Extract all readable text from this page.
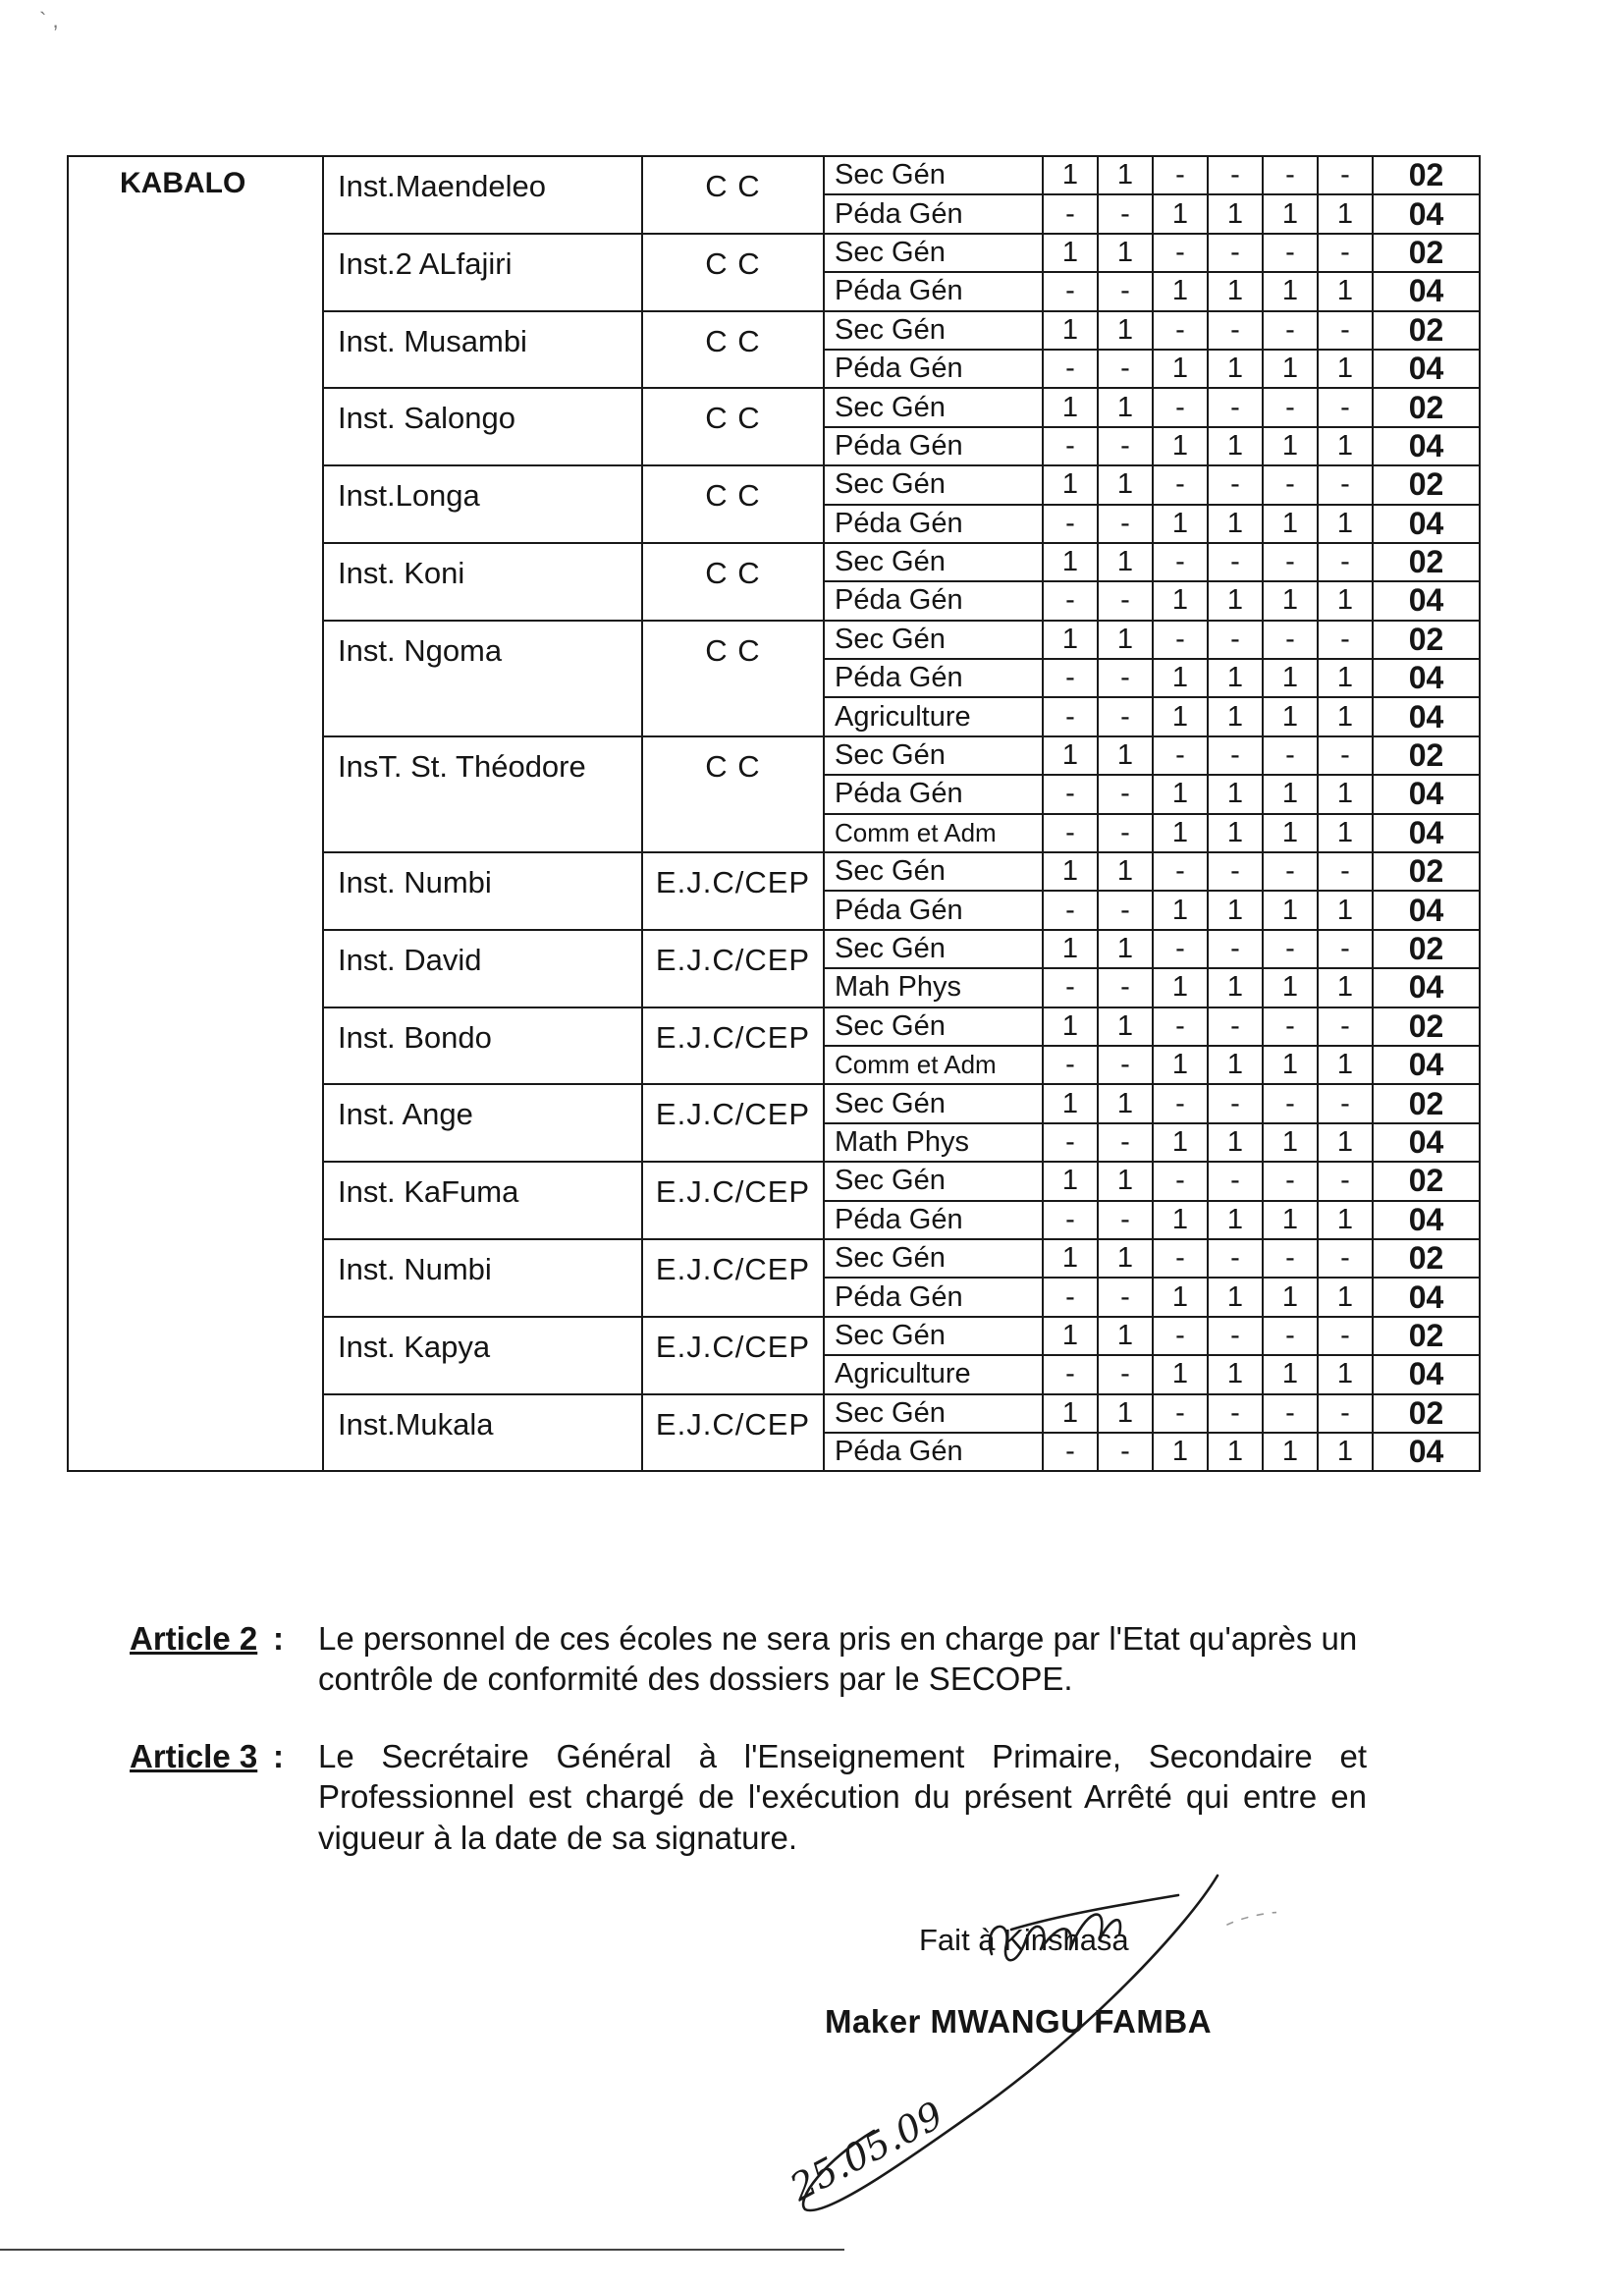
` ,
KABALO	Inst.Maendeleo	C C	Sec Gén	1	1	-	-	-	-	02
			Péda Gén	-	-	1	1	1	1	04
	Inst.2 ALfajiri	C C	Sec Gén	1	1	-	-	-	-	02
			Péda Gén	-	-	1	1	1	1	04
	Inst. Musambi	C C	Sec Gén	1	1	-	-	-	-	02
			Péda Gén	-	-	1	1	1	1	04
	Inst. Salongo	C C	Sec Gén	1	1	-	-	-	-	02
			Péda Gén	-	-	1	1	1	1	04
	Inst.Longa	C C	Sec Gén	1	1	-	-	-	-	02
			Péda Gén	-	-	1	1	1	1	04
	Inst. Koni	C C	Sec Gén	1	1	-	-	-	-	02
			Péda Gén	-	-	1	1	1	1	04
	Inst. Ngoma	C C	Sec Gén	1	1	-	-	-	-	02
			Péda Gén	-	-	1	1	1	1	04
			Agriculture	-	-	1	1	1	1	04
	InsT. St. Théodore	C C	Sec Gén	1	1	-	-	-	-	02
			Péda Gén	-	-	1	1	1	1	04
			Comm et Adm	-	-	1	1	1	1	04
	Inst. Numbi	E.J.C/CEP	Sec Gén	1	1	-	-	-	-	02
			Péda Gén	-	-	1	1	1	1	04
	Inst. David	E.J.C/CEP	Sec Gén	1	1	-	-	-	-	02
			Mah Phys	-	-	1	1	1	1	04
	Inst. Bondo	E.J.C/CEP	Sec Gén	1	1	-	-	-	-	02
			Comm et Adm	-	-	1	1	1	1	04
	Inst. Ange	E.J.C/CEP	Sec Gén	1	1	-	-	-	-	02
			Math Phys	-	-	1	1	1	1	04
	Inst. KaFuma	E.J.C/CEP	Sec Gén	1	1	-	-	-	-	02
			Péda Gén	-	-	1	1	1	1	04
	Inst. Numbi	E.J.C/CEP	Sec Gén	1	1	-	-	-	-	02
			Péda Gén	-	-	1	1	1	1	04
	Inst. Kapya	E.J.C/CEP	Sec Gén	1	1	-	-	-	-	02
			Agriculture	-	-	1	1	1	1	04
	Inst.Mukala	E.J.C/CEP	Sec Gén	1	1	-	-	-	-	02
			Péda Gén	-	-	1	1	1	1	04
Article 2 : Le personnel de ces écoles ne sera pris en charge par l'Etat qu'après un contrôle de conformité des dossiers par le SECOPE.
Article 3 : Le Secrétaire Général à l'Enseignement Primaire, Secondaire et Professionnel est chargé de l'exécution du présent Arrêté qui entre en vigueur à la date de sa signature.
Fait à Kinshasa
Maker MWANGU FAMBA
25.05.09
